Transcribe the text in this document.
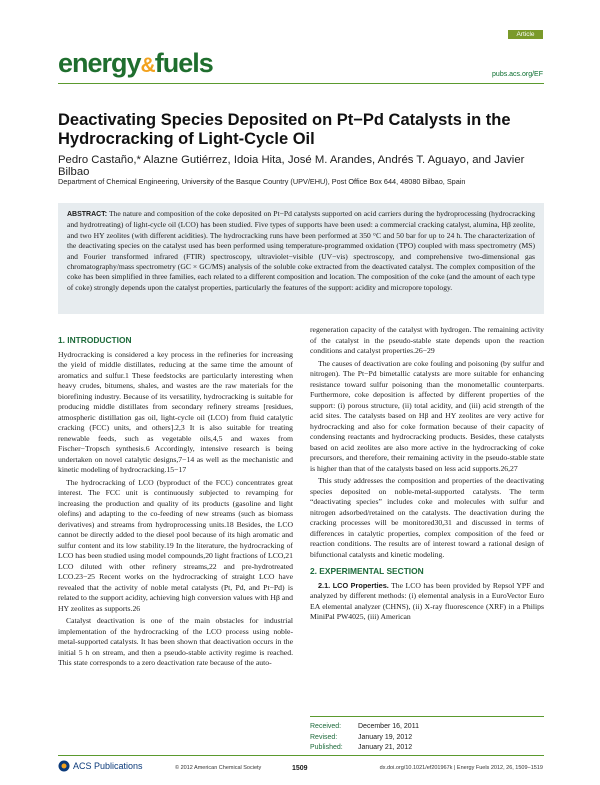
Article
energy&fuels	pubs.acs.org/EF
Deactivating Species Deposited on Pt−Pd Catalysts in the Hydrocracking of Light-Cycle Oil
Pedro Castaño,* Alazne Gutiérrez, Idoia Hita, José M. Arandes, Andrés T. Aguayo, and Javier Bilbao
Department of Chemical Engineering, University of the Basque Country (UPV/EHU), Post Office Box 644, 48080 Bilbao, Spain
ABSTRACT: The nature and composition of the coke deposited on Pt−Pd catalysts supported on acid carriers during the hydroprocessing (hydrocracking and hydrotreating) of light-cycle oil (LCO) has been studied. Five types of supports have been used: a commercial cracking catalyst, alumina, Hβ zeolite, and two HY zeolites (with different acidities). The hydrocracking runs have been performed at 350 °C and 50 bar for up to 24 h. The characterization of the deactivating species on the catalyst used has been performed using temperature-programmed oxidation (TPO) coupled with mass spectrometry (MS) and Fourier transformed infrared (FTIR) spectroscopy, ultraviolet−visible (UV−vis) spectroscopy, and comprehensive two-dimensional gas chromatography/mass spectrometry (GC × GC/MS) analysis of the soluble coke extracted from the deactivated catalyst. The complex composition of the coke has been simplified in three families, each related to a different composition and location. The composition of the coke (and the amount of each type of coke) strongly depends upon the catalyst properties, particularly the features of the support: acidity and micropore topology.
1. INTRODUCTION

Hydrocracking is considered a key process in the refineries for increasing the yield of middle distillates, reducing at the same time the amount of aromatics and sulfur.1 These feedstocks are particularly interesting when heavy crudes, bitumens, shales, and wastes are the raw materials for the biorefining industry. Because of its versatility, hydrocracking is suitable for producing middle distillates from secondary refinery streams [residues, atmospheric distillation gas oil, light-cycle oil (LCO) from fluid catalytic cracking (FCC) units, and others].2,3 It is also suitable for treating renewable feeds, such as vegetable oils,4,5 and waxes from Fischer−Tropsch synthesis.6 Accordingly, intensive research is being undertaken on novel catalytic designs,7−14 as well as the mechanistic and kinetic modeling of hydrocracking.15−17

The hydrocracking of LCO (byproduct of the FCC) concentrates great interest. The FCC unit is continuously subjected to revamping for increasing the production and quality of its products (gasoline and light olefins) and adapting to the co-feeding of new streams (such as biomass derivatives) and streams from hydroprocessing units.18 Besides, the LCO cannot be directly added to the diesel pool because of its high aromatic and sulfur content and its low stability.19 In the literature, the hydrocracking of LCO has been studied using model compounds,20 light fractions of LCO,21 LCO diluted with other refinery streams,22 and pre-hydrotreated LCO.23−25 Recent works on the hydrocracking of straight LCO have revealed that the activity of noble metal catalysts (Pt, Pd, and Pt−Pd) is related to the support acidity, achieving high conversion values with Hβ and HY zeolites as supports.26

Catalyst deactivation is one of the main obstacles for industrial implementation of the hydrocracking of the LCO process using noble-metal-supported catalysts. It has been shown that deactivation occurs in the initial 5 h on stream, and then a pseudo-stable activity regime is reached. This state corresponds to a zero deactivation rate because of the auto-

regeneration capacity of the catalyst with hydrogen. The remaining activity of the catalyst in the pseudo-stable state depends upon the reaction conditions and catalyst properties.26−29

The causes of deactivation are coke fouling and poisoning (by sulfur and nitrogen). The Pt−Pd bimetallic catalysts are more suitable for enhancing resistance toward sulfur poisoning than the monometallic counterparts. Furthermore, coke deposition is affected by different properties of the support: (i) porous structure, (ii) total acidity, and (iii) acid strength of the acid sites. The catalysts based on Hβ and HY zeolites are very active for hydrocracking and also for coke formation because of their capacity of condensing reactants and hydrocracking products. Besides, these catalysts based on acid zeolites are also more active in the hydrocracking of coke precursors, and therefore, their remaining activity in the pseudo-stable state is higher than that of the catalysts based on less acid supports.26,27

This study addresses the composition and properties of the deactivating species deposited on noble-metal-supported catalysts. The term “deactivating species” includes coke and molecules with sulfur and nitrogen adsorbed/retained on the catalysts. The deactivation during the cracking processes will be monitored30,31 and discussed in terms of differences in catalytic properties, complex composition of the feed or reaction conditions. The results are of interest toward a rational design of bifunctional catalysts and kinetic modeling.

2. EXPERIMENTAL SECTION

2.1. LCO Properties. The LCO has been provided by Repsol YPF and analyzed by different methods: (i) elemental analysis in a EuroVector Euro EA elemental analyzer (CHNS), (ii) X-ray fluorescence (XRF) in a Philips MiniPal PW4025, (iii) American

Received: December 16, 2011
Revised:	January 19, 2012
Published: January 21, 2012
ACS Publications	© 2012 American Chemical Society	1509	dx.doi.org/10.1021/ef201967k | Energy Fuels 2012, 26, 1509−1519
